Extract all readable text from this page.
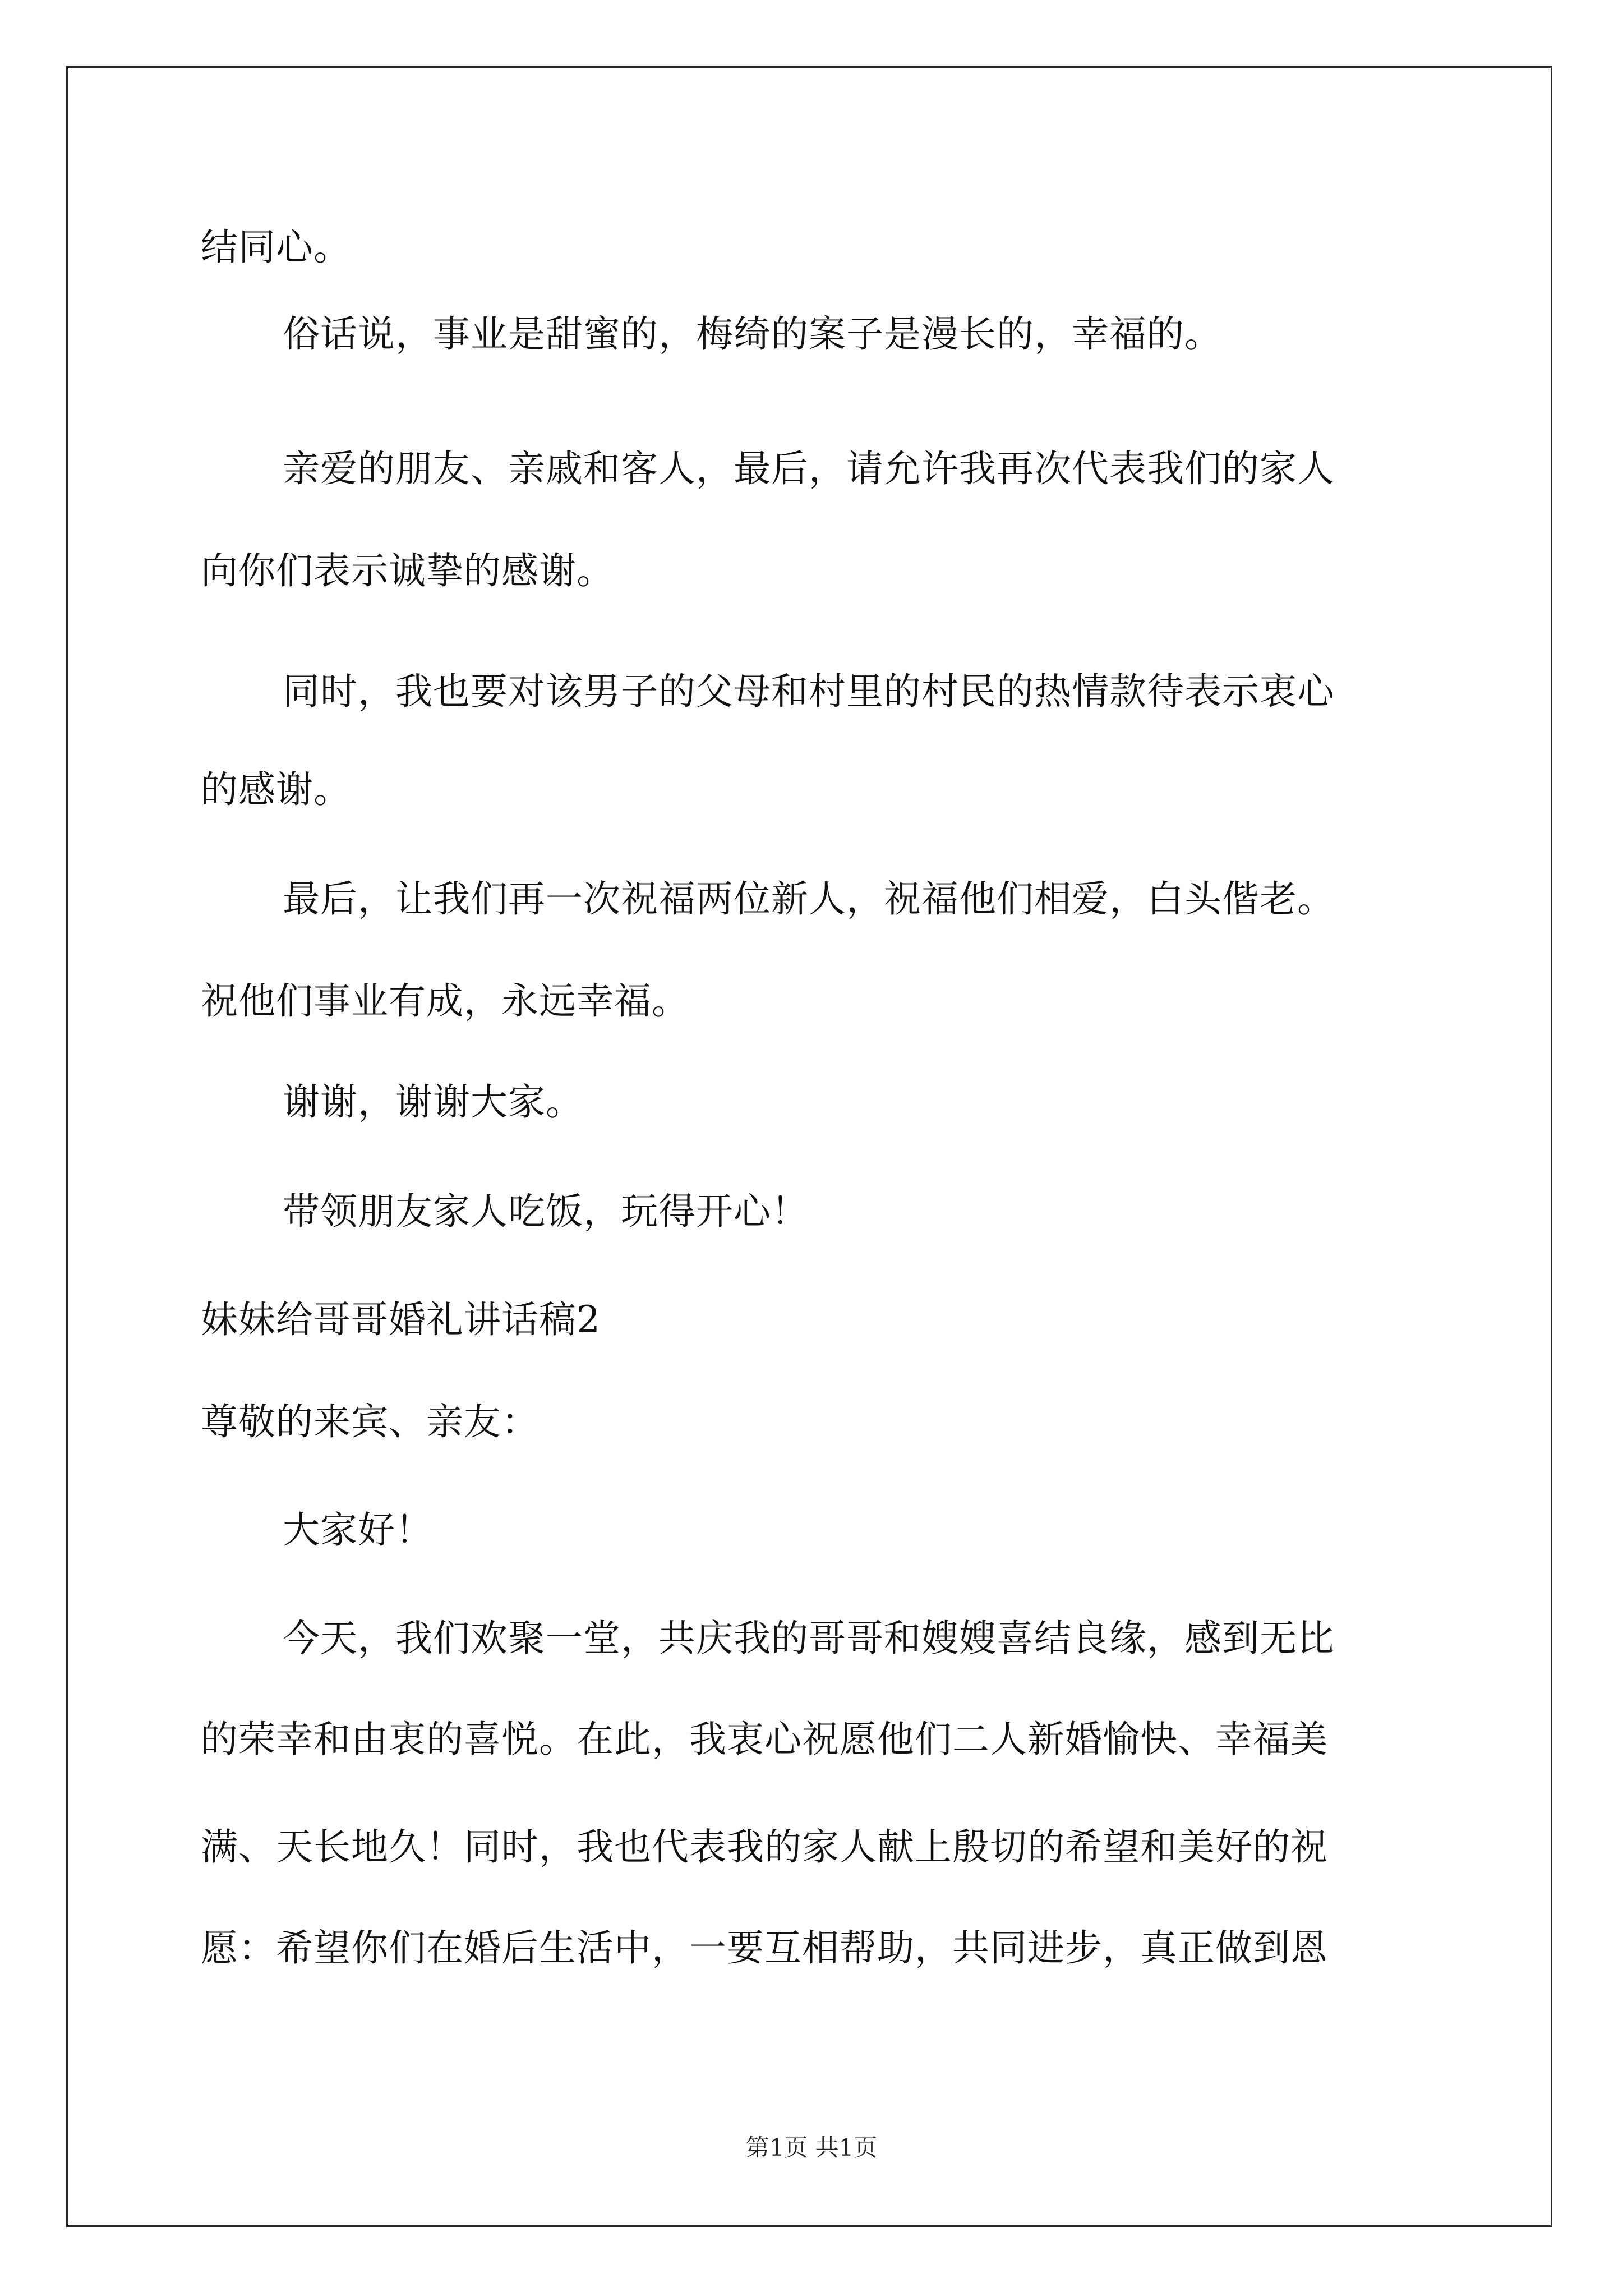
结同心。
俗话说，事业是甜蜜的，梅绮的案子是漫长的，幸福的。
亲爱的朋友、亲戚和客人，最后，请允许我再次代表我们的家人
向你们表示诚挚的感谢。
同时，我也要对该男子的父母和村里的村民的热情款待表示衷心
的感谢。
最后，让我们再一次祝福两位新人，祝福他们相爱，白头偕老。
祝他们事业有成，永远幸福。
谢谢，谢谢大家。
带领朋友家人吃饭，玩得开心！
妹妹给哥哥婚礼讲话稿2
尊敬的来宾、亲友：
大家好！
今天，我们欢聚一堂，共庆我的哥哥和嫂嫂喜结良缘，感到无比
的荣幸和由衷的喜悦。在此，我衷心祝愿他们二人新婚愉快、幸福美
满、天长地久！同时，我也代表我的家人献上殷切的希望和美好的祝
愿：希望你们在婚后生活中，一要互相帮助，共同进步，真正做到恩
第1页 共1页
